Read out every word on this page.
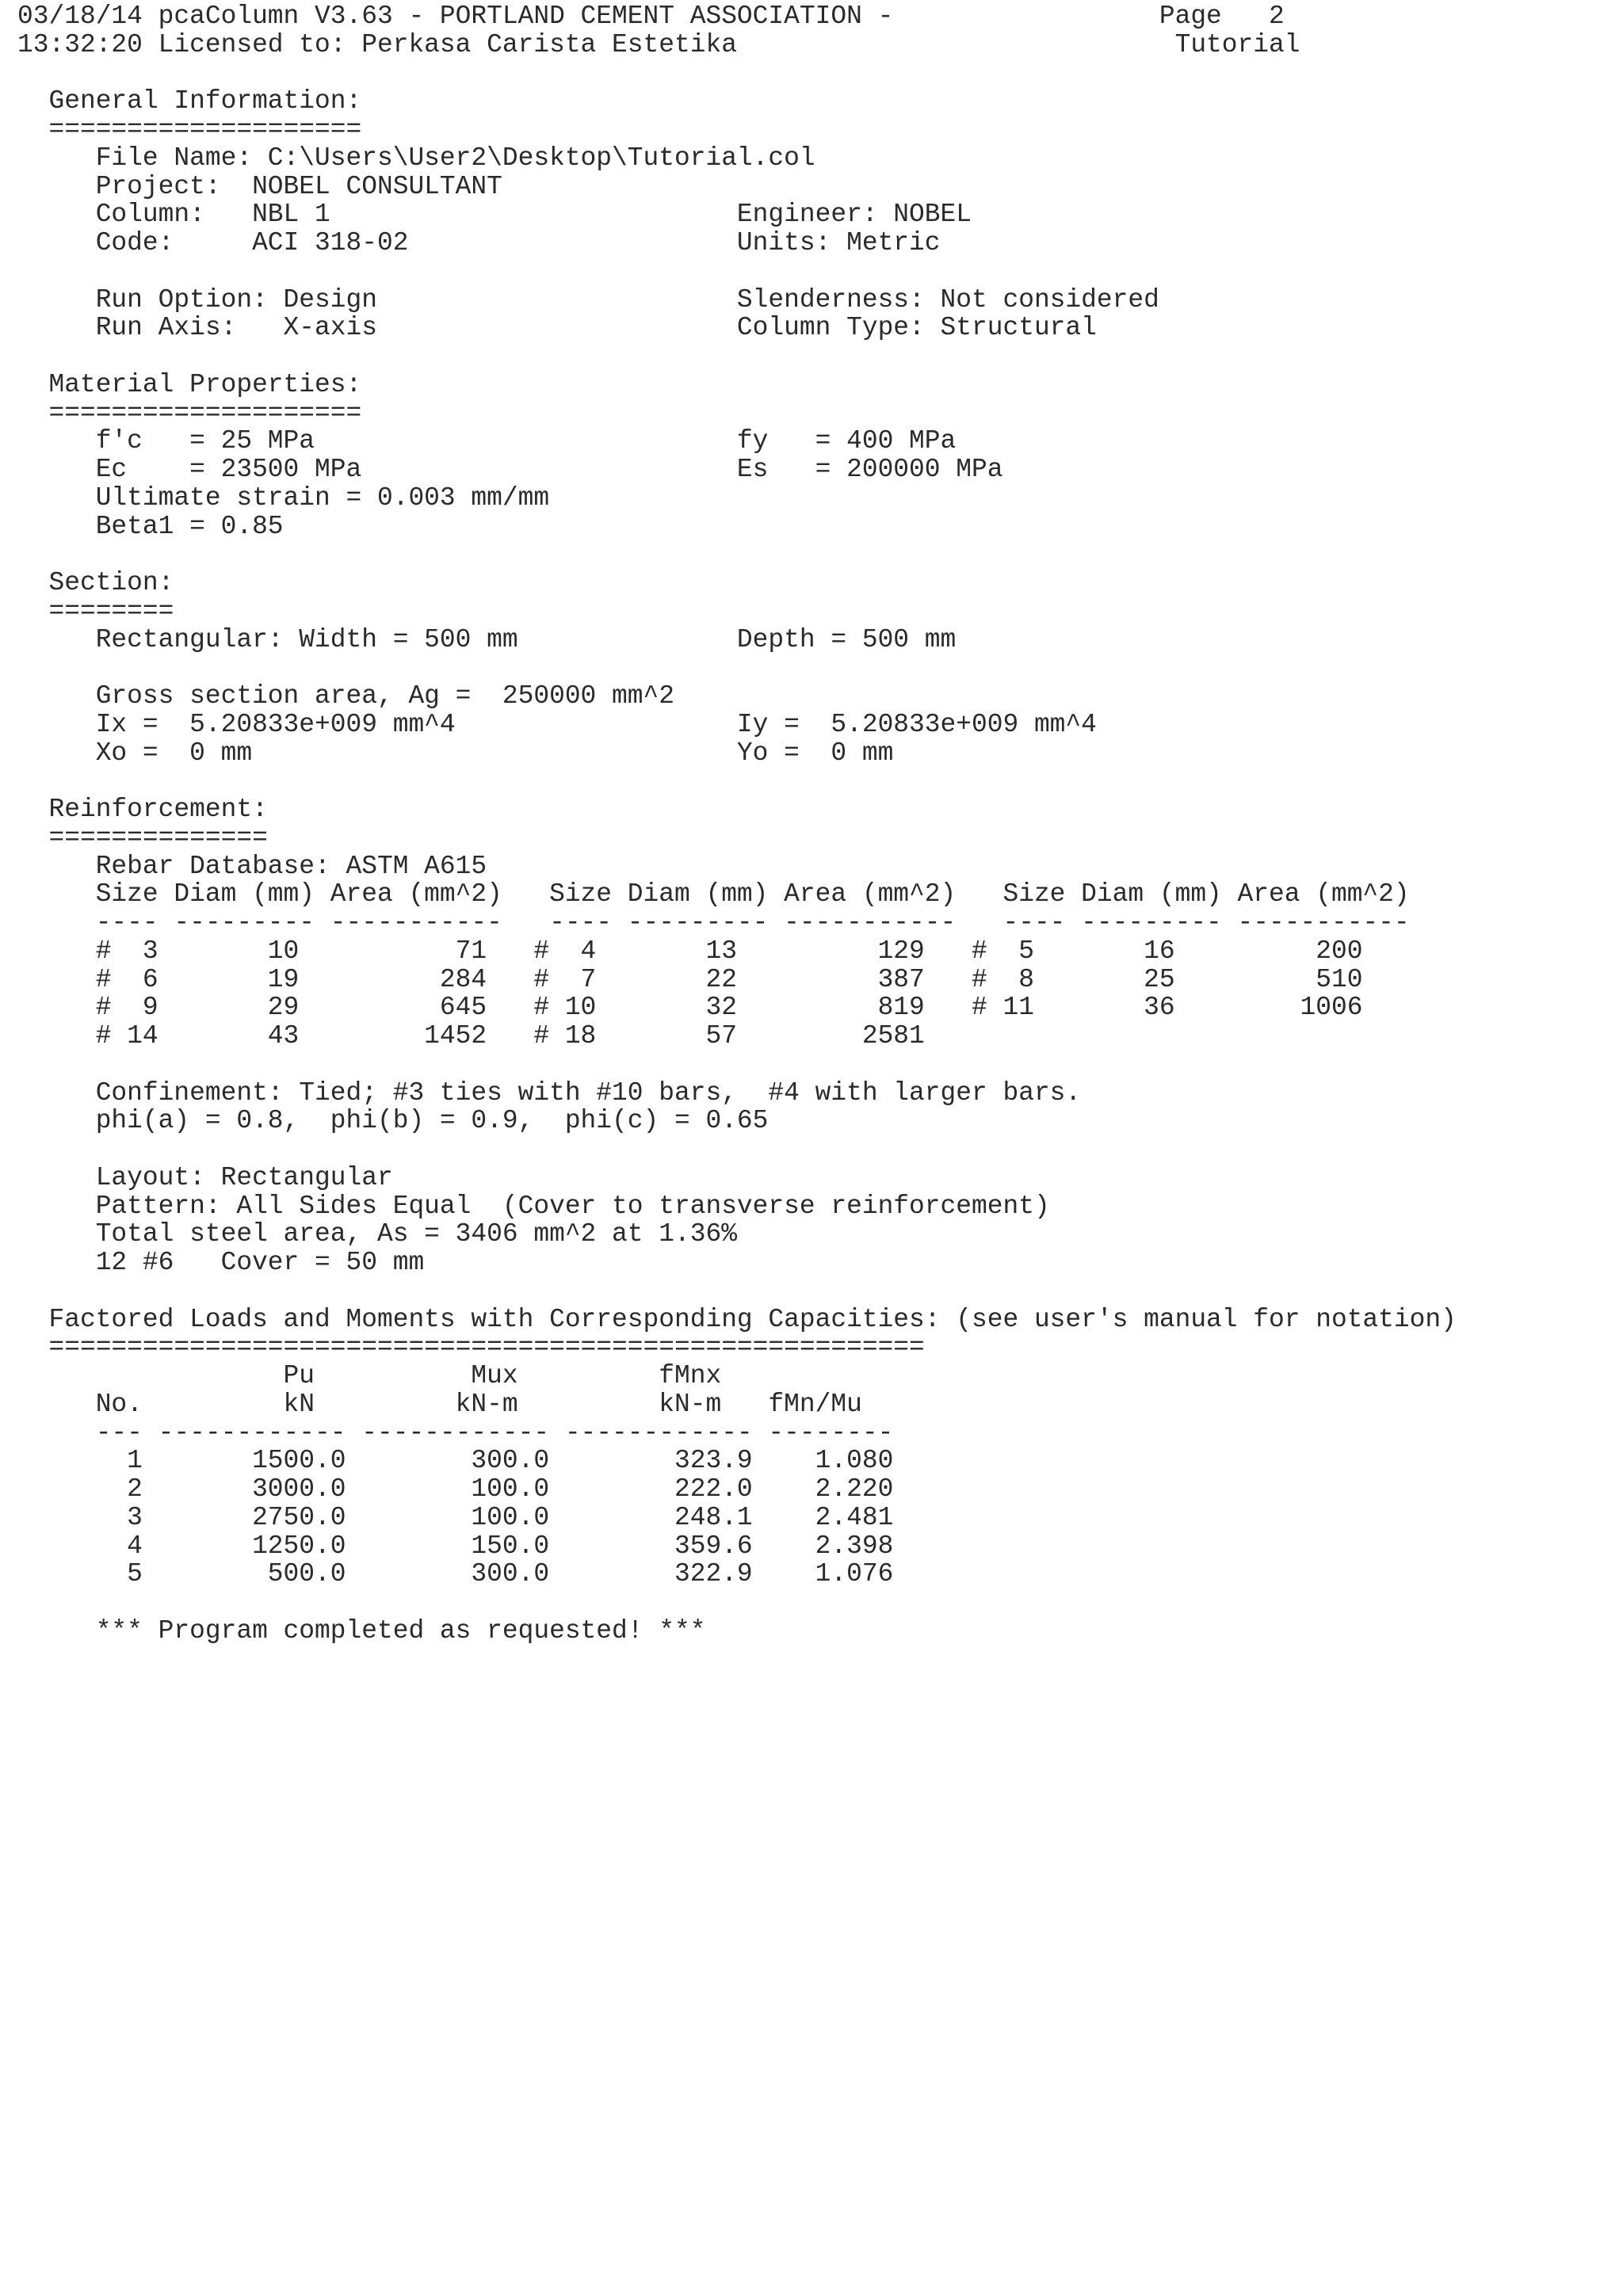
03/18/14 pcaColumn V3.63 - PORTLAND CEMENT ASSOCIATION -                 Page   2
13:32:20 Licensed to: Perkasa Carista Estetika                            Tutorial
General Information:
====================
File Name: C:\Users\User2\Desktop\Tutorial.col
Project:  NOBEL CONSULTANT
Column:   NBL 1                          Engineer: NOBEL
Code:     ACI 318-02                     Units: Metric
Run Option: Design                       Slenderness: Not considered
Run Axis:   X-axis                       Column Type: Structural
Material Properties:
====================
f'c   = 25 MPa                           fy   = 400 MPa
Ec    = 23500 MPa                        Es   = 200000 MPa
Ultimate strain = 0.003 mm/mm
Beta1 = 0.85
Section:
========
Rectangular: Width = 500 mm              Depth = 500 mm
Gross section area, Ag =  250000 mm^2
Ix =  5.20833e+009 mm^4                  Iy =  5.20833e+009 mm^4
Xo =  0 mm                               Yo =  0 mm
Reinforcement:
==============
Rebar Database: ASTM A615
Size Diam (mm) Area (mm^2)   Size Diam (mm) Area (mm^2)   Size Diam (mm) Area (mm^2)
---- --------- -----------   ---- --------- -----------   ---- --------- -----------
#  3       10          71   #  4       13         129   #  5       16         200
#  6       19         284   #  7       22         387   #  8       25         510
#  9       29         645   # 10       32         819   # 11       36        1006
# 14       43        1452   # 18       57        2581
Confinement: Tied; #3 ties with #10 bars,  #4 with larger bars.
phi(a) = 0.8,  phi(b) = 0.9,  phi(c) = 0.65
Layout: Rectangular
Pattern: All Sides Equal  (Cover to transverse reinforcement)
Total steel area, As = 3406 mm^2 at 1.36%
12 #6   Cover = 50 mm
Factored Loads and Moments with Corresponding Capacities: (see user's manual for notation)
========================================================
Pu          Mux         fMnx
No.         kN         kN-m         kN-m   fMn/Mu
--- ------------ ------------ ------------ --------
1       1500.0        300.0        323.9    1.080
2       3000.0        100.0        222.0    2.220
3       2750.0        100.0        248.1    2.481
4       1250.0        150.0        359.6    2.398
5        500.0        300.0        322.9    1.076
*** Program completed as requested! ***
